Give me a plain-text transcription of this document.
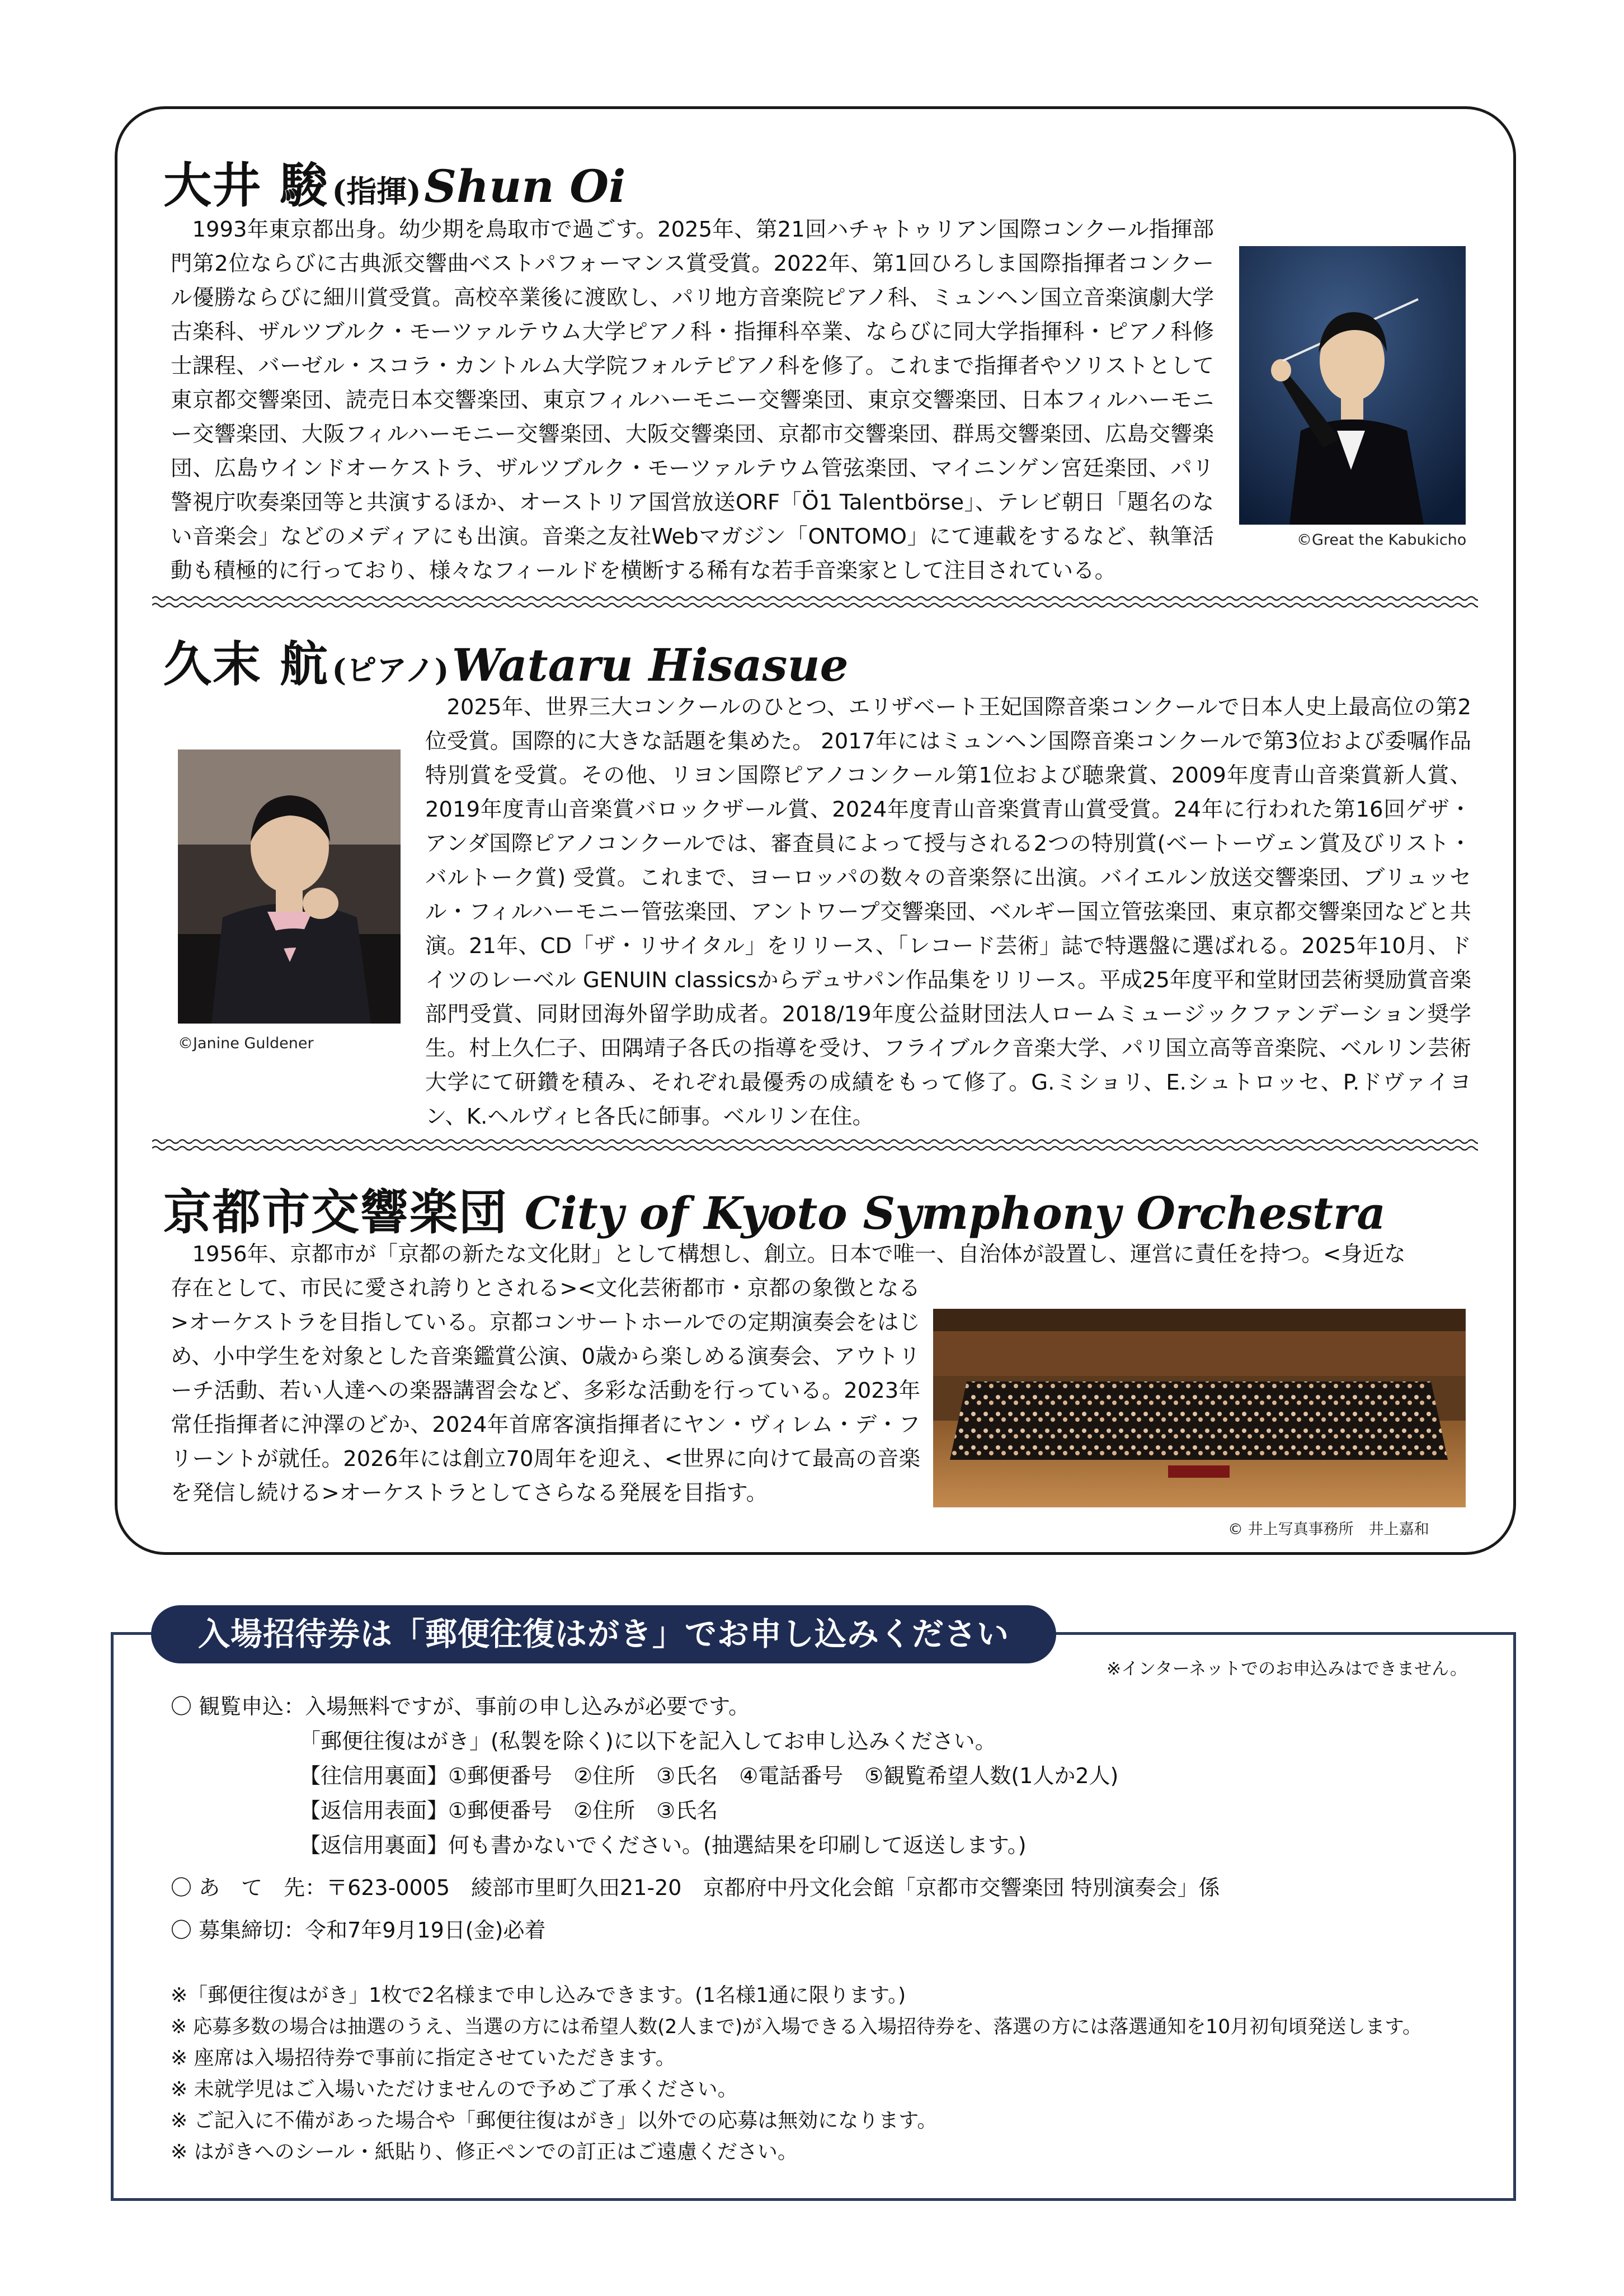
大井 駿 (指揮) Shun Oi

1993年東京都出身。幼少期を鳥取市で過ごす。2025年、第21回ハチャトゥリアン国際コンクール指揮部門第2位ならびに古典派交響曲ベストパフォーマンス賞受賞。2022年、第1回ひろしま国際指揮者コンクール優勝ならびに細川賞受賞。高校卒業後に渡欧し、パリ地方音楽院ピアノ科、ミュンヘン国立音楽演劇大学古楽科、ザルツブルク・モーツァルテウム大学ピアノ科・指揮科卒業、ならびに同大学指揮科・ピアノ科修士課程、バーゼル・スコラ・カントルム大学院フォルテピアノ科を修了。これまで指揮者やソリストとして東京都交響楽団、読売日本交響楽団、東京フィルハーモニー交響楽団、東京交響楽団、日本フィルハーモニー交響楽団、大阪フィルハーモニー交響楽団、大阪交響楽団、京都市交響楽団、群馬交響楽団、広島交響楽団、広島ウインドオーケストラ、ザルツブルク・モーツァルテウム管弦楽団、マイニンゲン宮廷楽団、パリ警視庁吹奏楽団等と共演するほか、オーストリア国営放送ORF「Ö1 Talentbörse」、テレビ朝日「題名のない音楽会」などのメディアにも出演。音楽之友社Webマガジン「ONTOMO」にて連載をするなど、執筆活動も積極的に行っており、様々なフィールドを横断する稀有な若手音楽家として注目されている。

©Great the Kabukicho
久末 航 (ピアノ) Wataru Hisasue
©Janine Guldener

2025年、世界三大コンクールのひとつ、エリザベート王妃国際音楽コンクールで日本人史上最高位の第2位受賞。国際的に大きな話題を集めた。 2017年にはミュンヘン国際音楽コンクールで第3位および委嘱作品特別賞を受賞。その他、リヨン国際ピアノコンクール第1位および聴衆賞、2009年度青山音楽賞新人賞、2019年度青山音楽賞バロックザール賞、2024年度青山音楽賞青山賞受賞。24年に行われた第16回ゲザ・アンダ国際ピアノコンクールでは、審査員によって授与される2つの特別賞(ベートーヴェン賞及びリスト・バルトーク賞) 受賞。これまで、ヨーロッパの数々の音楽祭に出演。バイエルン放送交響楽団、ブリュッセル・フィルハーモニー管弦楽団、アントワープ交響楽団、ベルギー国立管弦楽団、東京都交響楽団などと共演。21年、CD「ザ・リサイタル」をリリース、「レコード芸術」誌で特選盤に選ばれる。2025年10月、ドイツのレーベル GENUIN classicsからデュサパン作品集をリリース。平成25年度平和堂財団芸術奨励賞音楽部門受賞、同財団海外留学助成者。2018/19年度公益財団法人ロームミュージックファンデーション奨学生。村上久仁子、田隅靖子各氏の指導を受け、フライブルク音楽大学、パリ国立高等音楽院、ベルリン芸術大学にて研鑽を積み、それぞれ最優秀の成績をもって修了。G.ミショリ、E.シュトロッセ、P.ドヴァイヨン、K.ヘルヴィヒ各氏に師事。ベルリン在住。

京都市交響楽団 City of Kyoto Symphony Orchestra

1956年、京都市が「京都の新たな文化財」として構想し、創立。日本で唯一、自治体が設置し、運営に責任を持つ。<身近な

存在として、市民に愛され誇りとされる><文化芸術都市・京都の象徴となる>オーケストラを目指している。京都コンサートホールでの定期演奏会をはじめ、小中学生を対象とした音楽鑑賞公演、0歳から楽しめる演奏会、アウトリーチ活動、若い人達への楽器講習会など、多彩な活動を行っている。2023年常任指揮者に沖澤のどか、2024年首席客演指揮者にヤン・ヴィレム・デ・フリーントが就任。2026年には創立70周年を迎え、<世界に向けて最高の音楽を発信し続ける>オーケストラとしてさらなる発展を目指す。

© 井上写真事務所　井上嘉和
入場招待券は「郵便往復はがき」でお申し込みください
※インターネットでのお申込みはできません。
〇 観覧申込：入場無料ですが、事前の申し込みが必要です。
「郵便往復はがき」(私製を除く)に以下を記入してお申し込みください。
【往信用裏面】①郵便番号　②住所　③氏名　④電話番号　⑤観覧希望人数(1人か2人)
【返信用表面】①郵便番号　②住所　③氏名
【返信用裏面】何も書かないでください。(抽選結果を印刷して返送します。)
〇 あ　て　先：〒623-0005　綾部市里町久田21-20　京都府中丹文化会館「京都市交響楽団 特別演奏会」係
〇 募集締切：令和7年9月19日(金)必着
※「郵便往復はがき」1枚で2名様まで申し込みできます。(1名様1通に限ります。)
※ 応募多数の場合は抽選のうえ、当選の方には希望人数(2人まで)が入場できる入場招待券を、落選の方には落選通知を10月初旬頃発送します。
※ 座席は入場招待券で事前に指定させていただきます。
※ 未就学児はご入場いただけませんので予めご了承ください。
※ ご記入に不備があった場合や「郵便往復はがき」以外での応募は無効になります。
※ はがきへのシール・紙貼り、修正ペンでの訂正はご遠慮ください。
